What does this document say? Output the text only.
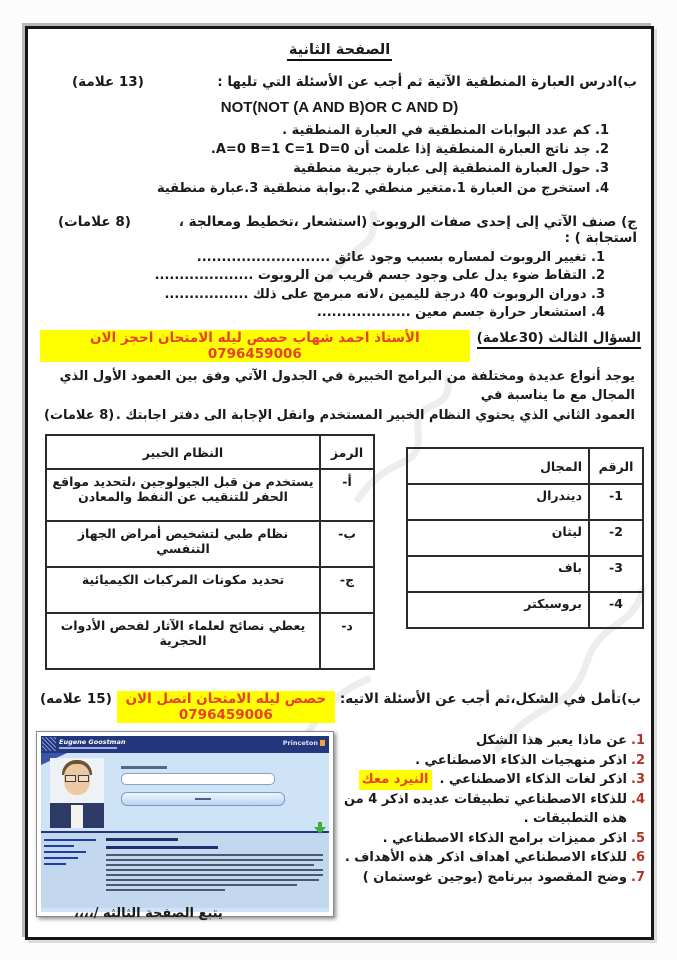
الصفحة الثانية
ب)ادرس العبارة المنطقية الآتية ثم أجب عن الأسئلة التي تليها :
(13 علامة)
NOT(NOT (A AND B)OR C AND D)
1. كم عدد البوابات المنطقية في العبارة المنطقية .
2. جد ناتج العبارة المنطقية إذا علمت أن A=0 B=1 C=1 D=0.
3. حول العبارة المنطقية إلى عبارة جبرية منطقية
4. استخرج من العبارة 1.متغير منطقي 2.بوابة منطقية 3.عبارة منطقية
ج) صنف الآتي إلى إحدى صفات الروبوت (استشعار ،تخطيط ومعالجة ، استجابة ) :
(8 علامات)
1. تغيير الروبوت لمساره بسبب وجود عائق ...........................
2. التقاط ضوء يدل على وجود جسم قريب من الروبوت ....................
3. دوران الروبوت 40 درجة لليمين ،لانه مبرمج على ذلك .................
4. استشعار حرارة جسم معين ...................
السؤال الثالث (30علامة)
الأستاذ احمد شهاب حصص ليله الامتحان احجز الان 0796459006
يوجد أنواع عديدة ومختلفة من البرامج الخبيرة في الجدول الآتي وفق بين العمود الأول الذي المجال مع ما يناسبة في
العمود الثاني الذي يحتوي النظام الخبير المستخدم وانقل الإجابة الى دفتر اجابتك .
(8 علامات)
الرمز	النظام الخبير
أ-	يستخدم من قبل الجيولوجين ،لتحديد مواقع الحفر للتنقيب عن النفط والمعادن
ب-	نظام طبي لتشخيص أمراض الجهاز التنفسي
ج-	تحديد مكونات المركبات الكيميائية
د-	يعطي نصائح لعلماء الآثار لفحص الأدوات الحجرية
الرقم	المجال
1-	ديندرال
2-	ليثان
3-	باف
4-	بروسبكتر
ب)تأمل في الشكل،ثم أجب عن الأسئلة الاتيه:
حصص ليله الامتحان اتصل الان 0796459006
(15 علامه)
1.
عن ماذا يعبر هذا الشكل
2.
اذكر منهجيات الذكاء الاصطناعي .
3.
اذكر لغات الذكاء الاصطناعي .
النيرد معك
4.
للذكاء الاصطناعي تطبيقات عديده اذكر 4 من هذه التطبيقات .
5.
اذكر مميزات برامج الذكاء الاصطناعي .
6.
للذكاء الاصطناعي اهداف اذكر هذه الأهداف .
7.
وضح المقصود ببرنامج (يوجين غوستمان )
Eugene Goostman	Princeton
يتبع الصفحة الثالثه /،،،،
